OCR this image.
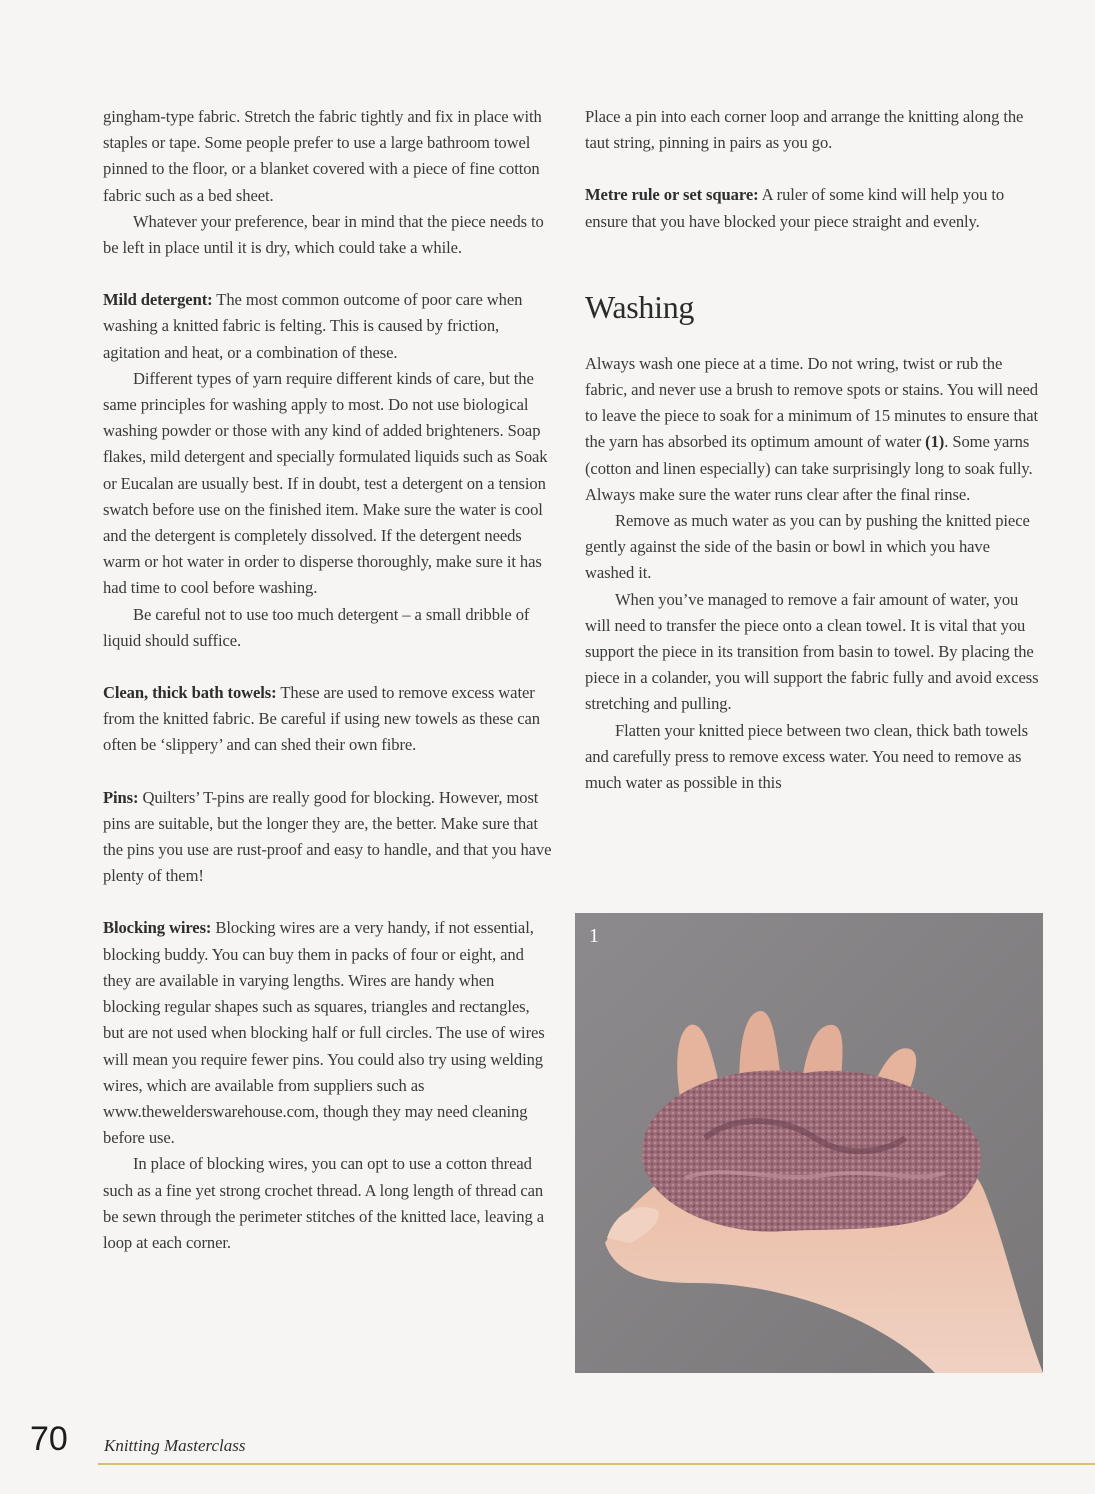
gingham-type fabric. Stretch the fabric tightly and fix in place with staples or tape. Some people prefer to use a large bathroom towel pinned to the floor, or a blanket covered with a piece of fine cotton fabric such as a bed sheet.

Whatever your preference, bear in mind that the piece needs to be left in place until it is dry, which could take a while.

Mild detergent: The most common outcome of poor care when washing a knitted fabric is felting. This is caused by friction, agitation and heat, or a combination of these.

Different types of yarn require different kinds of care, but the same principles for washing apply to most. Do not use biological washing powder or those with any kind of added brighteners. Soap flakes, mild detergent and specially formulated liquids such as Soak or Eucalan are usually best. If in doubt, test a detergent on a tension swatch before use on the finished item. Make sure the water is cool and the detergent is completely dissolved. If the detergent needs warm or hot water in order to disperse thoroughly, make sure it has had time to cool before washing.

Be careful not to use too much detergent – a small dribble of liquid should suffice.

Clean, thick bath towels: These are used to remove excess water from the knitted fabric. Be careful if using new towels as these can often be ‘slippery’ and can shed their own fibre.

Pins: Quilters’ T-pins are really good for blocking. However, most pins are suitable, but the longer they are, the better. Make sure that the pins you use are rust-proof and easy to handle, and that you have plenty of them!

Blocking wires: Blocking wires are a very handy, if not essential, blocking buddy. You can buy them in packs of four or eight, and they are available in varying lengths. Wires are handy when blocking regular shapes such as squares, triangles and rectangles, but are not used when blocking half or full circles. The use of wires will mean you require fewer pins. You could also try using welding wires, which are available from suppliers such as www.thewelderswarehouse.com, though they may need cleaning before use.

In place of blocking wires, you can opt to use a cotton thread such as a fine yet strong crochet thread. A long length of thread can be sewn through the perimeter stitches of the knitted lace, leaving a loop at each corner.

Place a pin into each corner loop and arrange the knitting along the taut string, pinning in pairs as you go.

Metre rule or set square: A ruler of some kind will help you to ensure that you have blocked your piece straight and evenly.

Washing

Always wash one piece at a time. Do not wring, twist or rub the fabric, and never use a brush to remove spots or stains. You will need to leave the piece to soak for a minimum of 15 minutes to ensure that the yarn has absorbed its optimum amount of water (1). Some yarns (cotton and linen especially) can take surprisingly long to soak fully. Always make sure the water runs clear after the final rinse.

Remove as much water as you can by pushing the knitted piece gently against the side of the basin or bowl in which you have washed it.

When you’ve managed to remove a fair amount of water, you will need to transfer the piece onto a clean towel. It is vital that you support the piece in its transition from basin to towel. By placing the piece in a colander, you will support the fabric fully and avoid excess stretching and pulling.

Flatten your knitted piece between two clean, thick bath towels and carefully press to remove excess water. You need to remove as much water as possible in this

1
70 Knitting Masterclass
